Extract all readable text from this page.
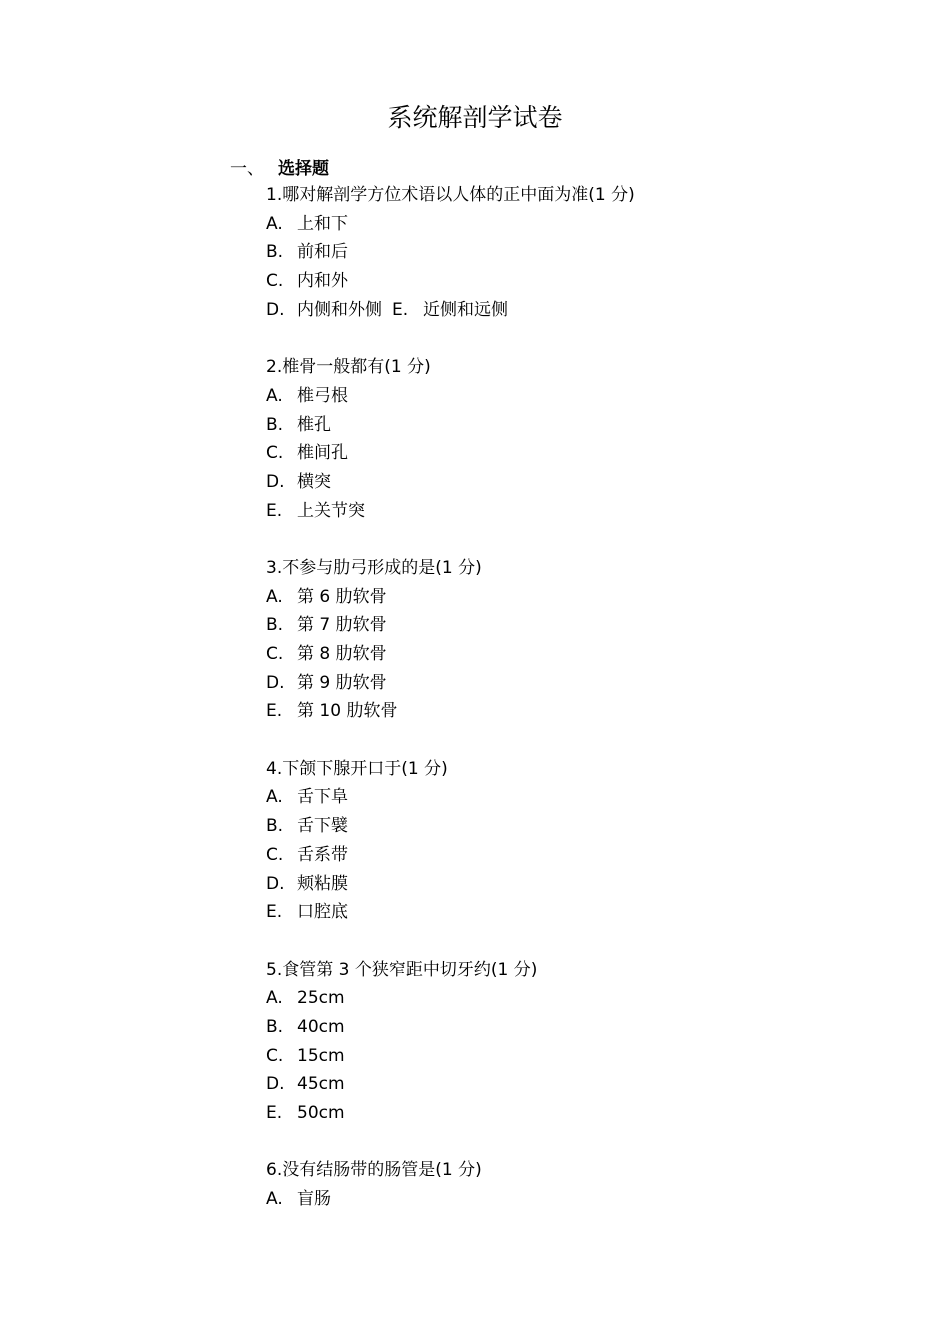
系统解剖学试卷
一、 选择题
1.哪对解剖学方位术语以人体的正中面为准(1 分)
A. 上和下
B. 前和后
C. 内和外
D. 内侧和外侧 E. 近侧和远侧
2.椎骨一般都有(1 分)
A. 椎弓根
B. 椎孔
C. 椎间孔
D. 横突
E. 上关节突
3.不参与肋弓形成的是(1 分)
A. 第 6 肋软骨
B. 第 7 肋软骨
C. 第 8 肋软骨
D. 第 9 肋软骨
E. 第 10 肋软骨
4.下颌下腺开口于(1 分)
A. 舌下阜
B. 舌下襞
C. 舌系带
D. 颊粘膜
E. 口腔底
5.食管第 3 个狭窄距中切牙约(1 分)
A. 25cm
B. 40cm
C. 15cm
D. 45cm
E. 50cm
6.没有结肠带的肠管是(1 分)
A. 盲肠
